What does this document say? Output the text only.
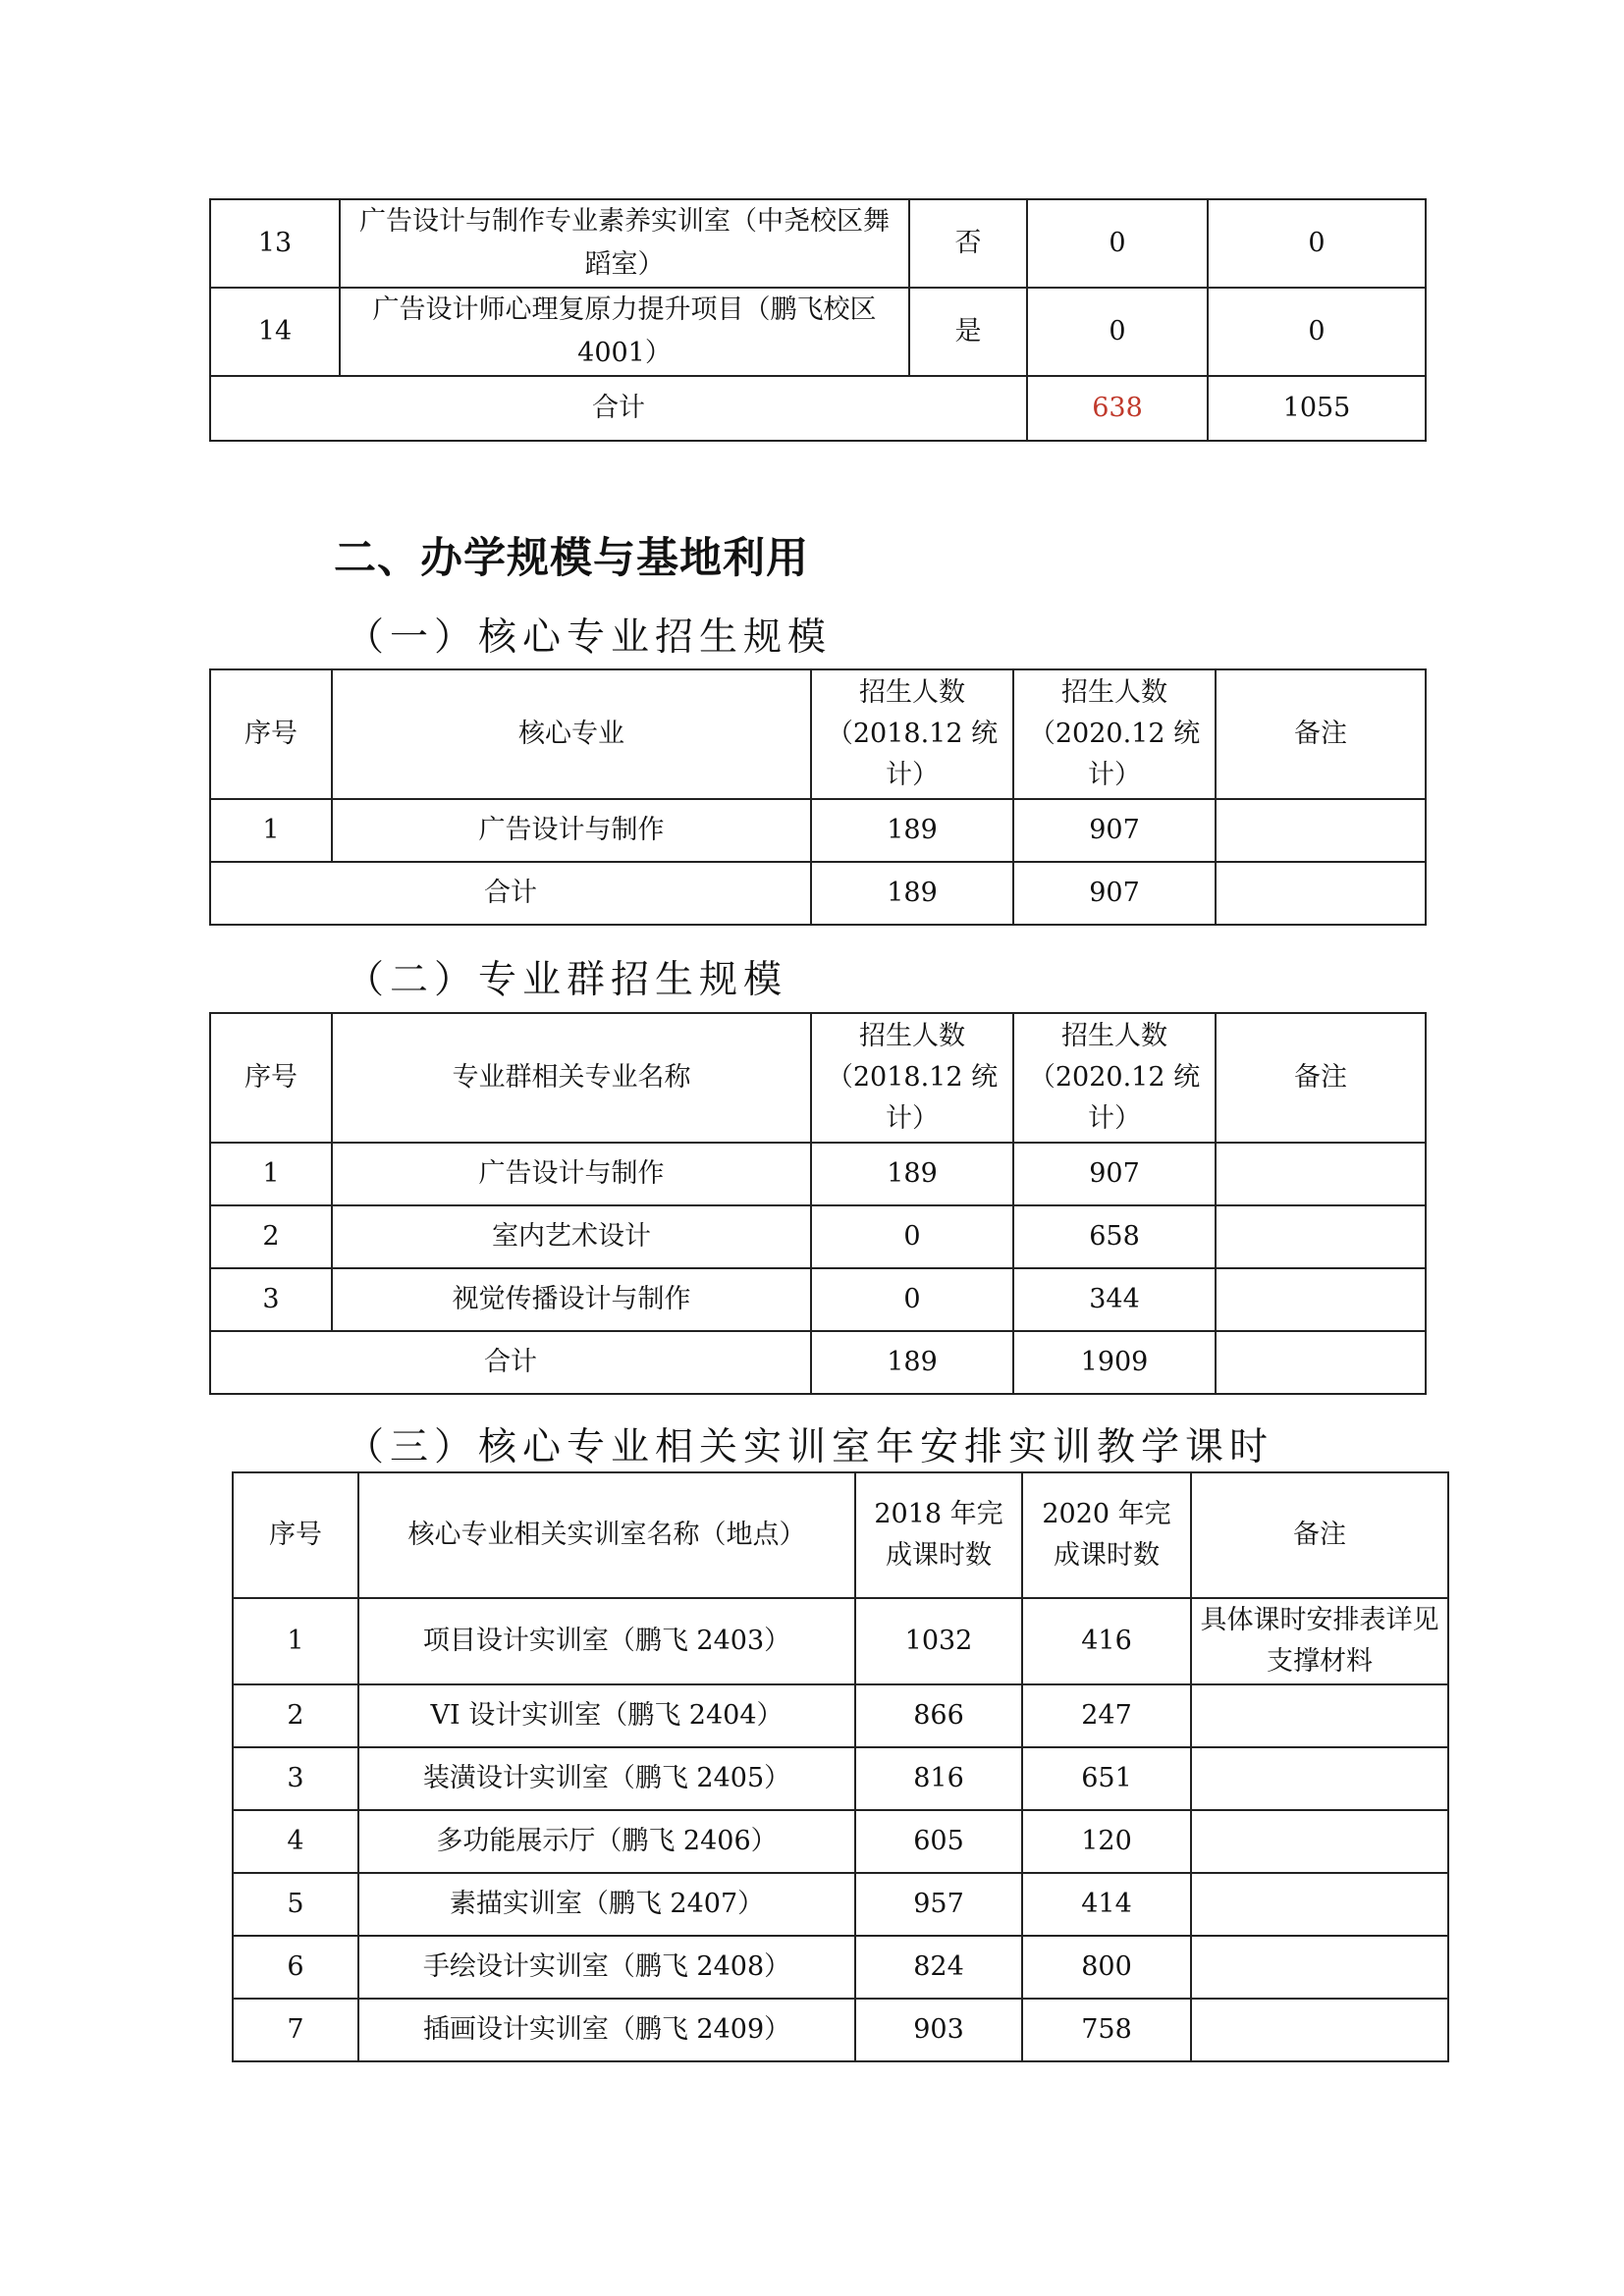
13	广告设计与制作专业素养实训室（中尧校区舞蹈室）	否	0	0
14	广告设计师心理复原力提升项目（鹏飞校区4001）	是	0	0
合计			638	1055
二、办学规模与基地利用
（一）核心专业招生规模
序号	核心专业	招生人数（2018.12 统计）	招生人数（2020.12 统计）	备注
1	广告设计与制作	189	907	
合计		189	907	
（二）专业群招生规模
序号	专业群相关专业名称	招生人数（2018.12 统计）	招生人数（2020.12 统计）	备注
1	广告设计与制作	189	907	
2	室内艺术设计	0	658	
3	视觉传播设计与制作	0	344	
合计		189	1909	
（三）核心专业相关实训室年安排实训教学课时
序号	核心专业相关实训室名称（地点）	2018 年完成课时数	2020 年完成课时数	备注
1	项目设计实训室（鹏飞 2403）	1032	416	具体课时安排表详见支撑材料
2	VI 设计实训室（鹏飞 2404）	866	247	
3	装潢设计实训室（鹏飞 2405）	816	651	
4	多功能展示厅（鹏飞 2406）	605	120	
5	素描实训室（鹏飞 2407）	957	414	
6	手绘设计实训室（鹏飞 2408）	824	800	
7	插画设计实训室（鹏飞 2409）	903	758	
